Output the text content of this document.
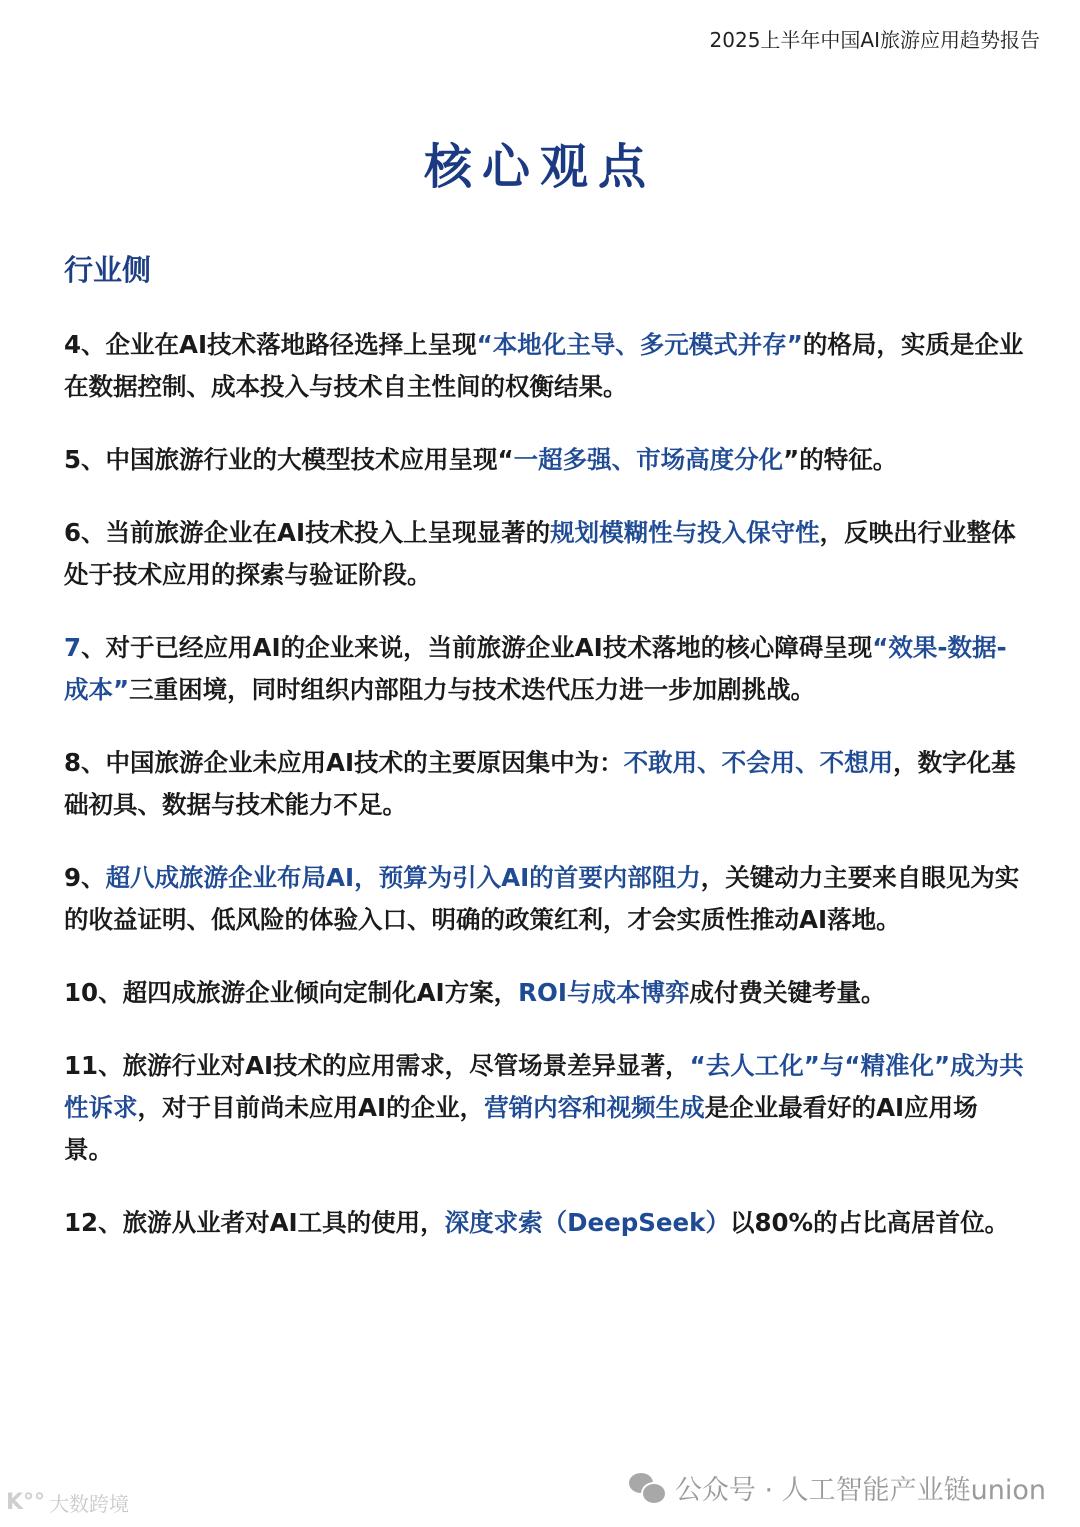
2025上半年中国AI旅游应用趋势报告
核心观点
行业侧

4、企业在AI技术落地路径选择上呈现“本地化主导、多元模式并存”的格局，实质是企业在数据控制、成本投入与技术自主性间的权衡结果。

5、中国旅游行业的大模型技术应用呈现“一超多强、市场高度分化”的特征。

6、当前旅游企业在AI技术投入上呈现显著的规划模糊性与投入保守性，反映出行业整体处于技术应用的探索与验证阶段。

7、对于已经应用AI的企业来说，当前旅游企业AI技术落地的核心障碍呈现“效果-数据-成本”三重困境，同时组织内部阻力与技术迭代压力进一步加剧挑战。

8、中国旅游企业未应用AI技术的主要原因集中为：不敢用、不会用、不想用，数字化基础初具、数据与技术能力不足。

9、超八成旅游企业布局AI，预算为引入AI的首要内部阻力，关键动力主要来自眼见为实的收益证明、低风险的体验入口、明确的政策红利，才会实质性推动AI落地。

10、超四成旅游企业倾向定制化AI方案，ROI与成本博弈成付费关键考量。

11、旅游行业对AI技术的应用需求，尽管场景差异显著，“去人工化”与“精准化”成为共性诉求，对于目前尚未应用AI的企业，营销内容和视频生成是企业最看好的AI应用场景。

12、旅游从业者对AI工具的使用，深度求索（DeepSeek）以80%的占比高居首位。

公众号 · 人工智能产业链union
K°° 大数跨境
